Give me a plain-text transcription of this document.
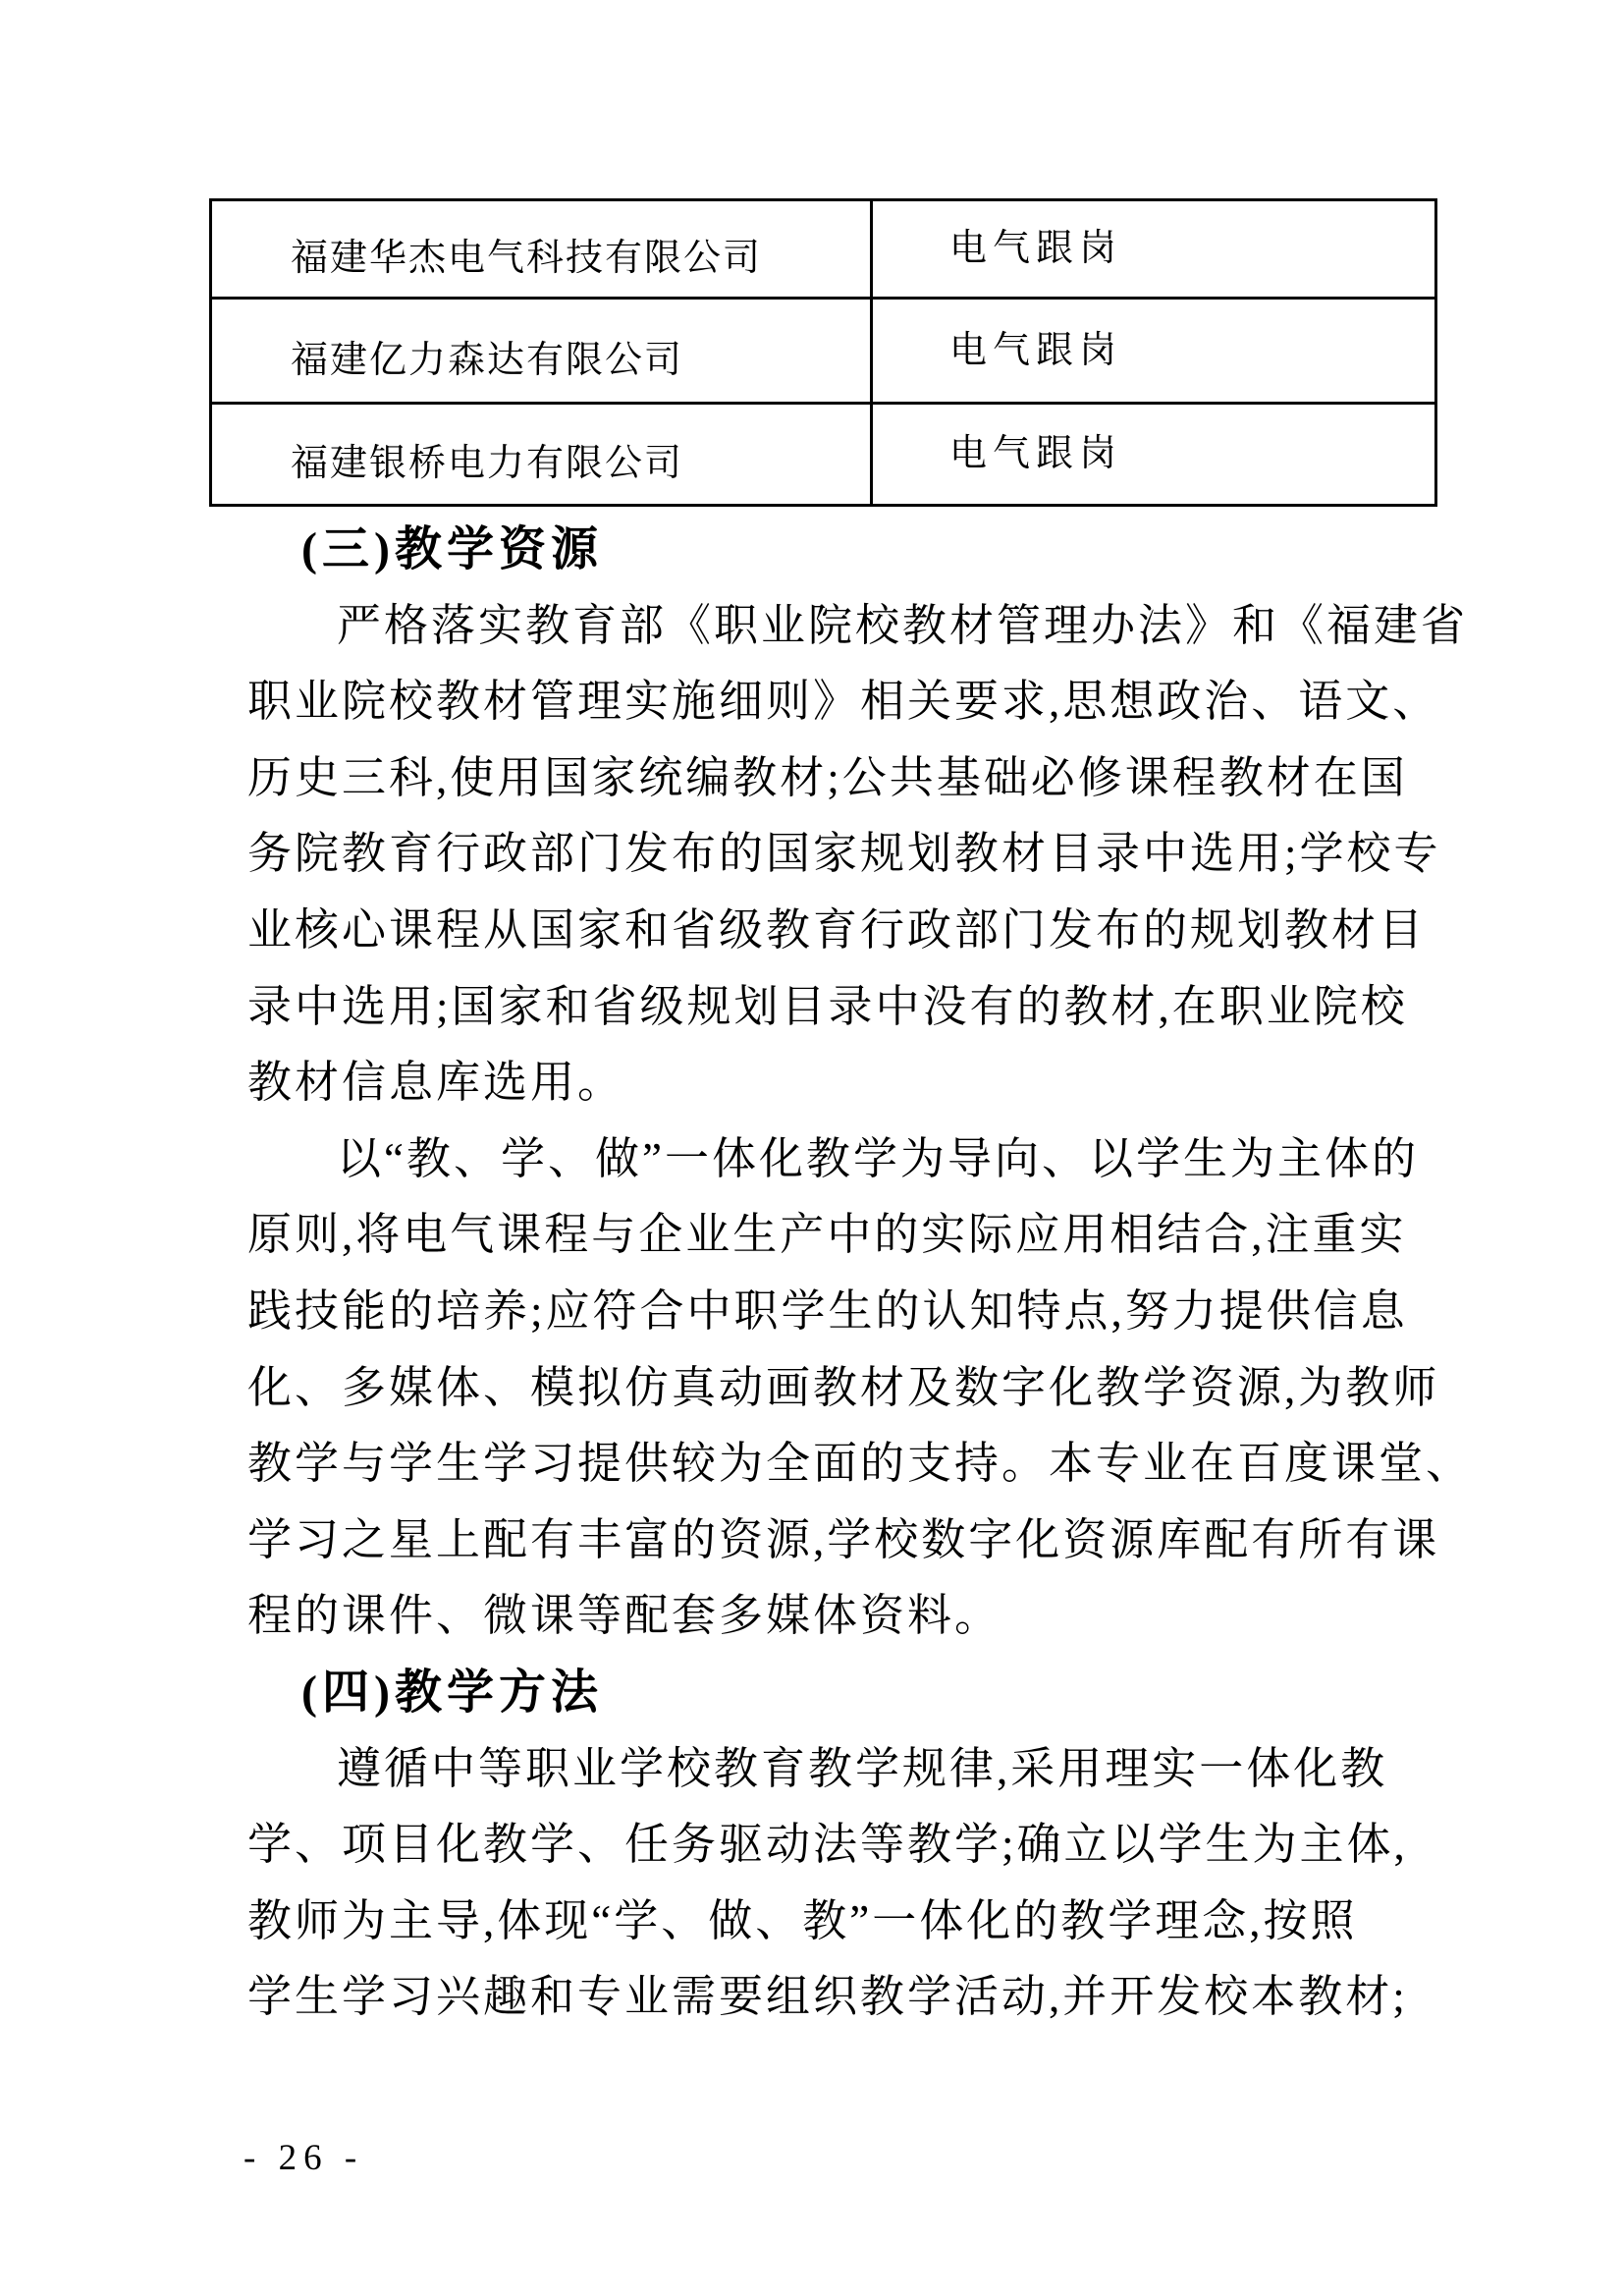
福建华杰电气科技有限公司	电气跟岗
福建亿力森达有限公司	电气跟岗
福建银桥电力有限公司	电气跟岗
(三)教学资源
严格落实教育部《职业院校教材管理办法》和《福建省
职业院校教材管理实施细则》相关要求,思想政治、语文、
历史三科,使用国家统编教材;公共基础必修课程教材在国
务院教育行政部门发布的国家规划教材目录中选用;学校专
业核心课程从国家和省级教育行政部门发布的规划教材目
录中选用;国家和省级规划目录中没有的教材,在职业院校
教材信息库选用。
以“教、学、做”一体化教学为导向、以学生为主体的
原则,将电气课程与企业生产中的实际应用相结合,注重实
践技能的培养;应符合中职学生的认知特点,努力提供信息
化、多媒体、模拟仿真动画教材及数字化教学资源,为教师
教学与学生学习提供较为全面的支持。本专业在百度课堂、
学习之星上配有丰富的资源,学校数字化资源库配有所有课
程的课件、微课等配套多媒体资料。
(四)教学方法
遵循中等职业学校教育教学规律,采用理实一体化教
学、项目化教学、任务驱动法等教学;确立以学生为主体,
教师为主导,体现“学、做、教”一体化的教学理念,按照
学生学习兴趣和专业需要组织教学活动,并开发校本教材;
- 26 -
